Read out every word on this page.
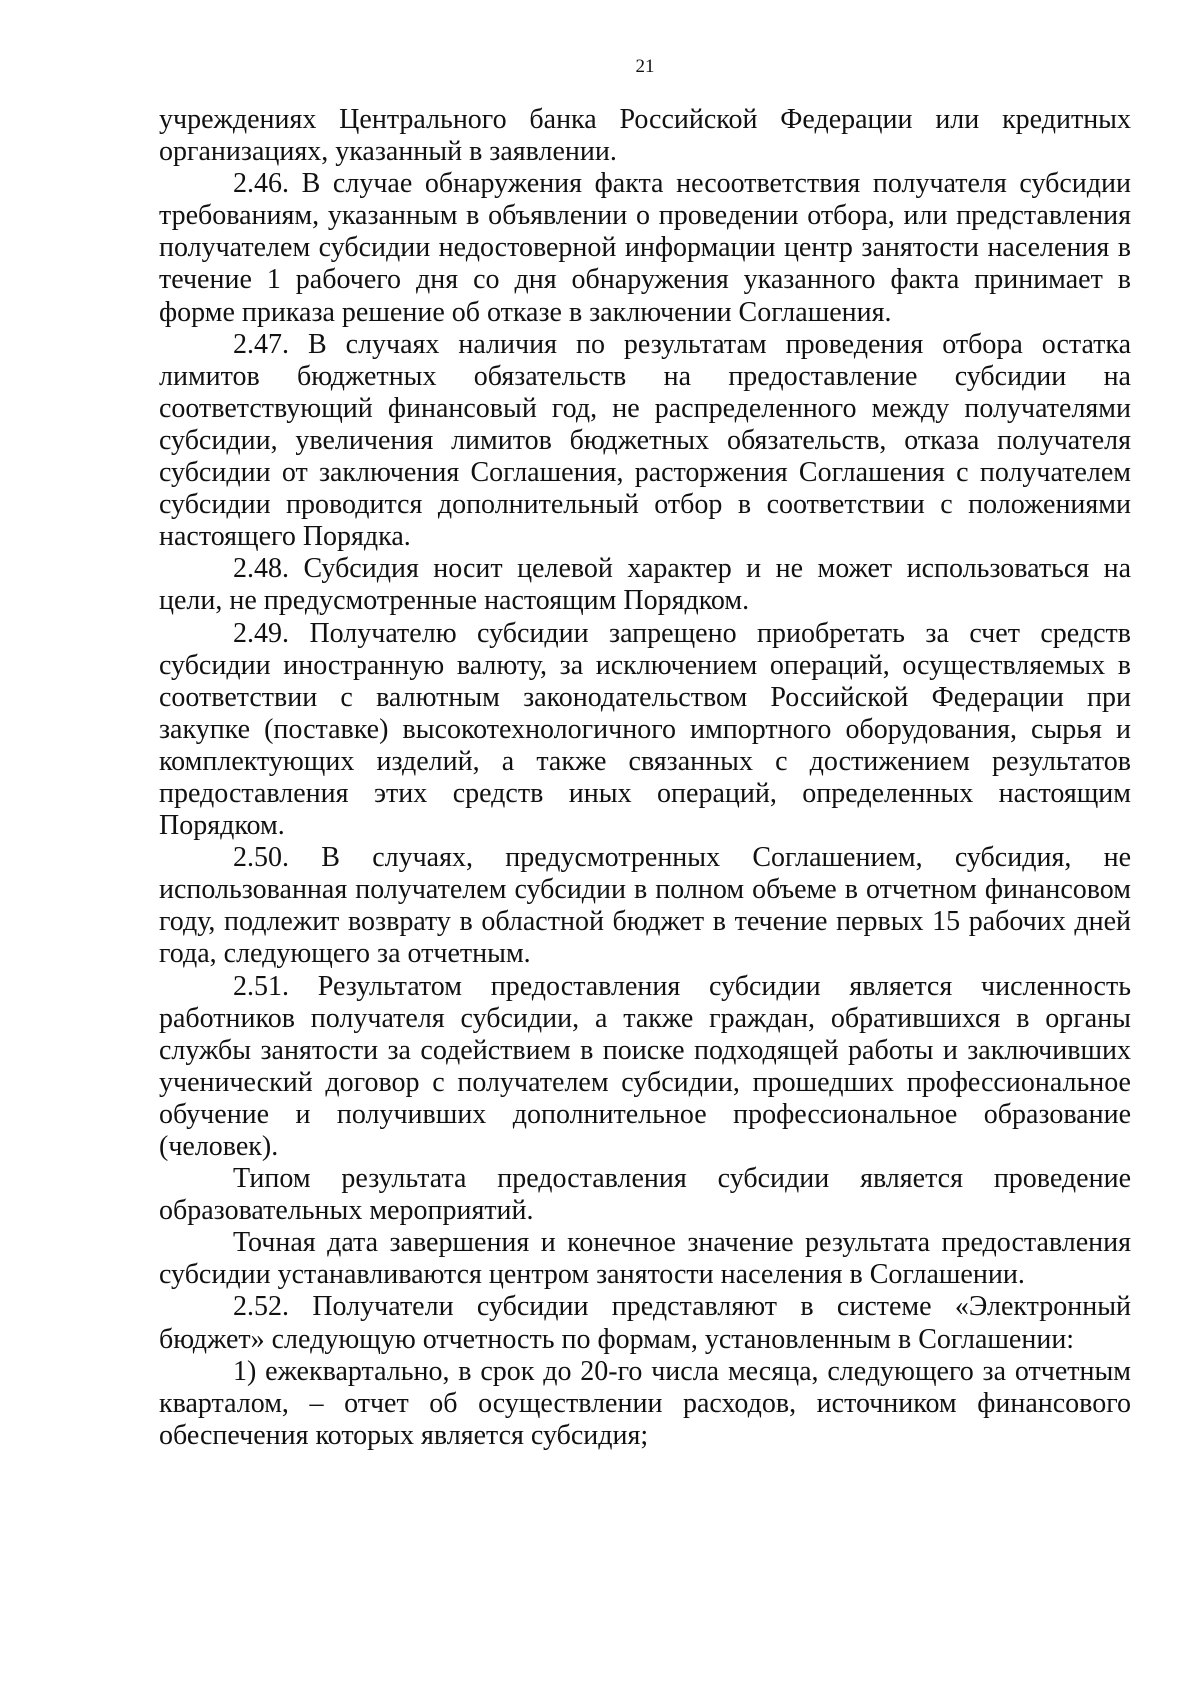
21

учреждениях Центрального банка Российской Федерации или кредитных организациях, указанный в заявлении.

2.46. В случае обнаружения факта несоответствия получателя субсидии требованиям, указанным в объявлении о проведении отбора, или представления получателем субсидии недостоверной информации центр занятости населения в течение 1 рабочего дня со дня обнаружения указанного факта принимает в форме приказа решение об отказе в заключении Соглашения.

2.47. В случаях наличия по результатам проведения отбора остатка лимитов бюджетных обязательств на предоставление субсидии на соответствующий финансовый год, не распределенного между получателями субсидии, увеличения лимитов бюджетных обязательств, отказа получателя субсидии от заключения Соглашения, расторжения Соглашения с получателем субсидии проводится дополнительный отбор в соответствии с положениями настоящего Порядка.

2.48. Субсидия носит целевой характер и не может использоваться на цели, не предусмотренные настоящим Порядком.

2.49. Получателю субсидии запрещено приобретать за счет средств субсидии иностранную валюту, за исключением операций, осуществляемых в соответствии с валютным законодательством Российской Федерации при закупке (поставке) высокотехнологичного импортного оборудования, сырья и комплектующих изделий, а также связанных с достижением результатов предоставления этих средств иных операций, определенных настоящим Порядком.

2.50. В случаях, предусмотренных Соглашением, субсидия, не использованная получателем субсидии в полном объеме в отчетном финансовом году, подлежит возврату в областной бюджет в течение первых 15 рабочих дней года, следующего за отчетным.

2.51. Результатом предоставления субсидии является численность работников получателя субсидии, а также граждан, обратившихся в органы службы занятости за содействием в поиске подходящей работы и заключивших ученический договор с получателем субсидии, прошедших профессиональное обучение и получивших дополнительное профессиональное образование (человек).

Типом результата предоставления субсидии является проведение образовательных мероприятий.

Точная дата завершения и конечное значение результата предоставления субсидии устанавливаются центром занятости населения в Соглашении.

2.52. Получатели субсидии представляют в системе «Электронный бюджет» следующую отчетность по формам, установленным в Соглашении:

1) ежеквартально, в срок до 20-го числа месяца, следующего за отчетным кварталом, – отчет об осуществлении расходов, источником финансового обеспечения которых является субсидия;
